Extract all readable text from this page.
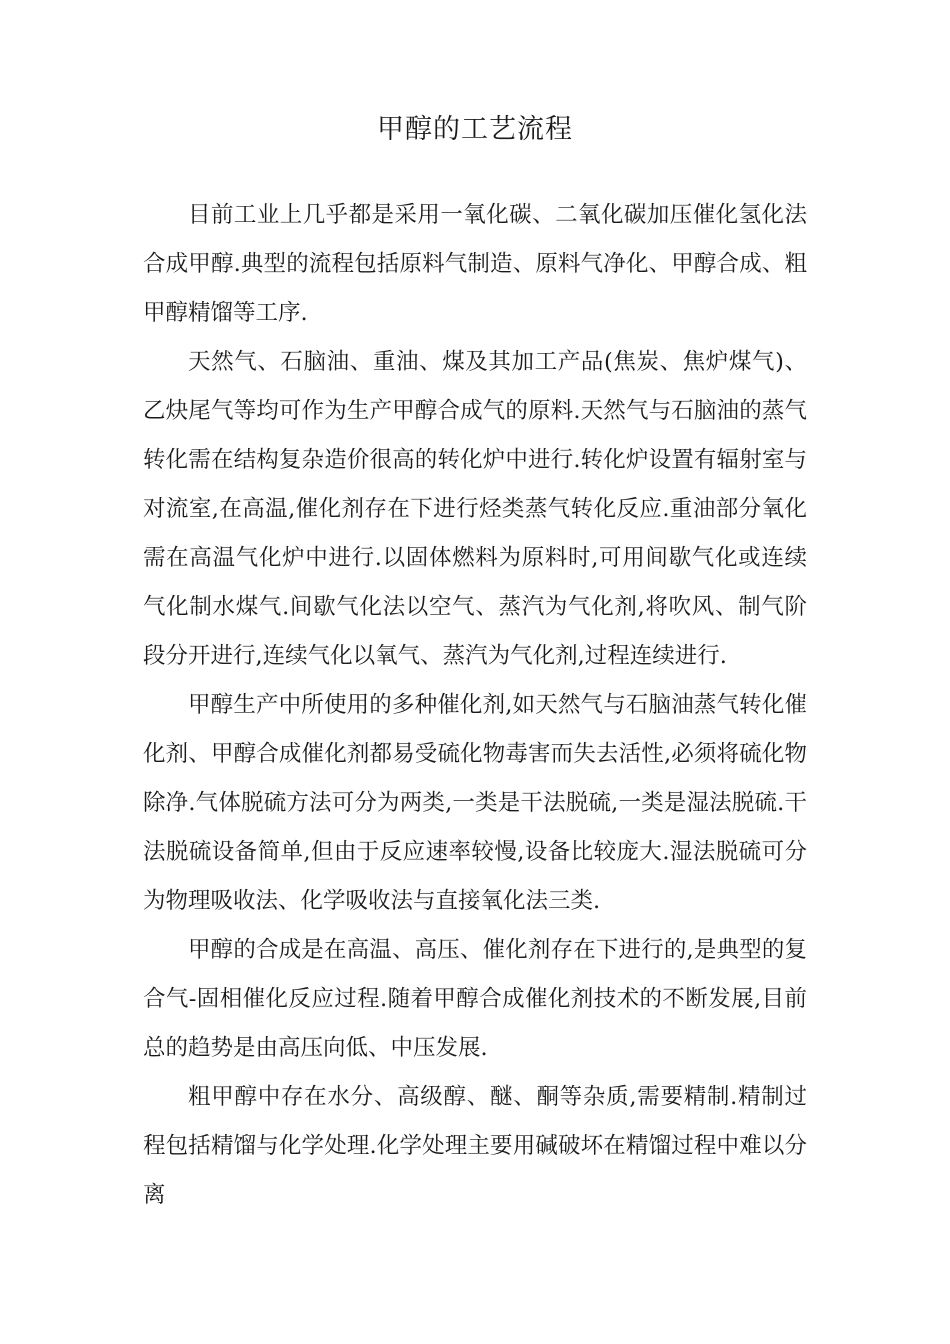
甲醇的工艺流程

目前工业上几乎都是采用一氧化碳、二氧化碳加压催化氢化法合成甲醇.典型的流程包括原料气制造、原料气净化、甲醇合成、粗甲醇精馏等工序.

天然气、石脑油、重油、煤及其加工产品(焦炭、焦炉煤气)、乙炔尾气等均可作为生产甲醇合成气的原料.天然气与石脑油的蒸气转化需在结构复杂造价很高的转化炉中进行.转化炉设置有辐射室与对流室,在高温,催化剂存在下进行烃类蒸气转化反应.重油部分氧化需在高温气化炉中进行.以固体燃料为原料时,可用间歇气化或连续气化制水煤气.间歇气化法以空气、蒸汽为气化剂,将吹风、制气阶段分开进行,连续气化以氧气、蒸汽为气化剂,过程连续进行.

甲醇生产中所使用的多种催化剂,如天然气与石脑油蒸气转化催化剂、甲醇合成催化剂都易受硫化物毒害而失去活性,必须将硫化物除净.气体脱硫方法可分为两类,一类是干法脱硫,一类是湿法脱硫.干法脱硫设备简单,但由于反应速率较慢,设备比较庞大.湿法脱硫可分为物理吸收法、化学吸收法与直接氧化法三类.

甲醇的合成是在高温、高压、催化剂存在下进行的,是典型的复合气-固相催化反应过程.随着甲醇合成催化剂技术的不断发展,目前总的趋势是由高压向低、中压发展.

粗甲醇中存在水分、高级醇、醚、酮等杂质,需要精制.精制过程包括精馏与化学处理.化学处理主要用碱破坏在精馏过程中难以分离
